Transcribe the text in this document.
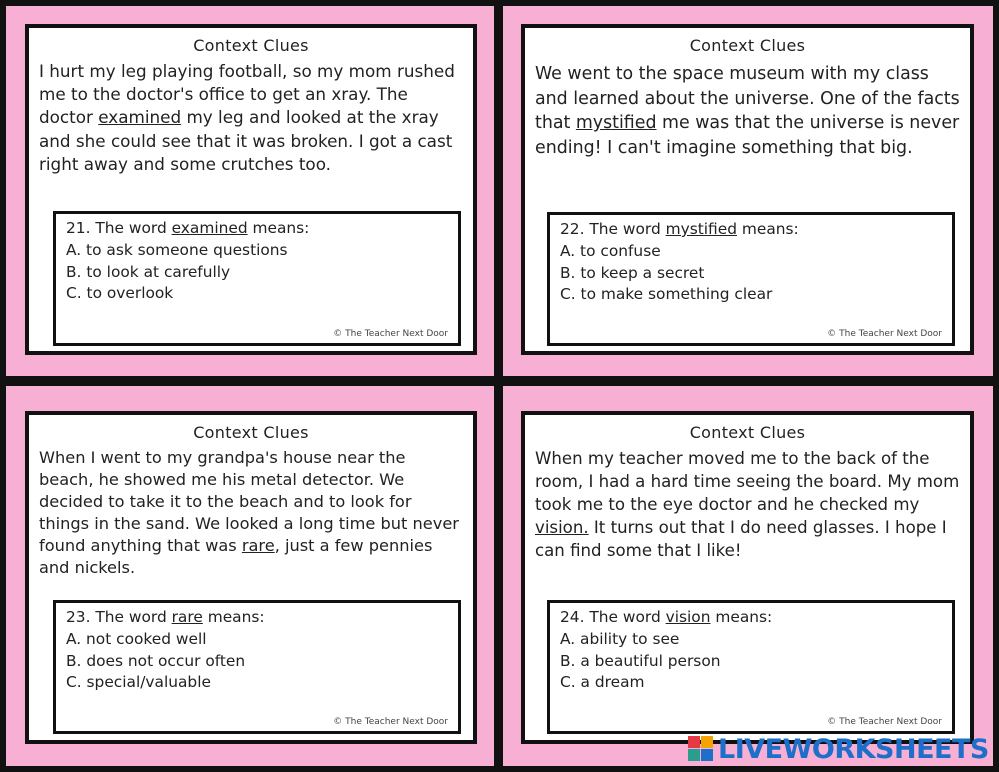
Context Clues
I hurt my leg playing football, so my mom rushed me to the doctor's office to get an xray. The doctor examined my leg and looked at the xray and she could see that it was broken. I got a cast right away and some crutches too.
21. The word examined means:
A. to ask someone questions
B. to look at carefully
C. to overlook
© The Teacher Next Door
Context Clues
We went to the space museum with my class and learned about the universe. One of the facts that mystified me was that the universe is never ending! I can't imagine something that big.
22. The word mystified means:
A. to confuse
B. to keep a secret
C. to make something clear
© The Teacher Next Door
Context Clues
When I went to my grandpa's house near the beach, he showed me his metal detector. We decided to take it to the beach and to look for things in the sand. We looked a long time but never found anything that was rare, just a few pennies and nickels.
23. The word rare means:
A. not cooked well
B. does not occur often
C. special/valuable
© The Teacher Next Door
Context Clues
When my teacher moved me to the back of the room, I had a hard time seeing the board. My mom took me to the eye doctor and he checked my vision. It turns out that I do need glasses. I hope I can find some that I like!
24. The word vision means:
A. ability to see
B. a beautiful person
C. a dream
© The Teacher Next Door
LIVEWORKSHEETS
